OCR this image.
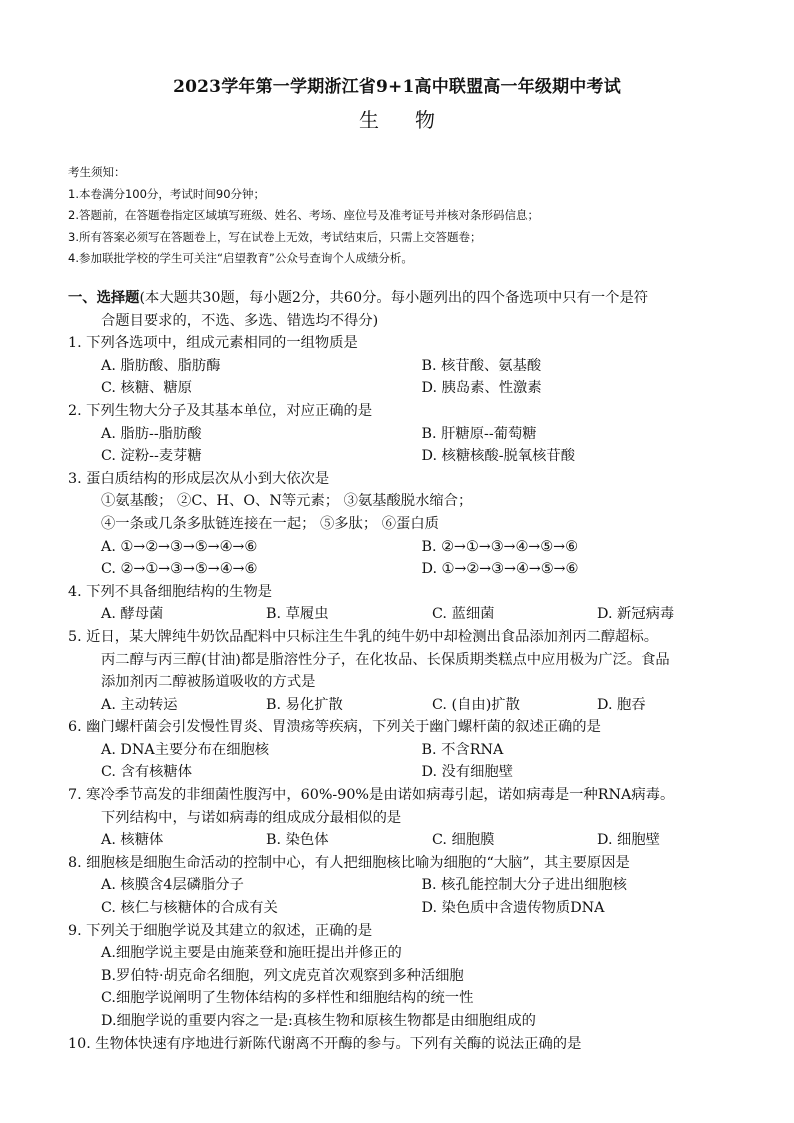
2023学年第一学期浙江省9+1高中联盟高一年级期中考试
生物
考生须知：
1.本卷满分100分，考试时间90分钟；
2.答题前，在答题卷指定区域填写班级、姓名、考场、座位号及准考证号并核对条形码信息；
3.所有答案必须写在答题卷上，写在试卷上无效，考试结束后，只需上交答题卷；
4.参加联批学校的学生可关注“启望教育”公众号查询个人成绩分析。
一、选择题(本大题共30题，每小题2分，共60分。每小题列出的四个备选项中只有一个是符
合题目要求的，不选、多选、错选均不得分)
1. 下列各选项中，组成元素相同的一组物质是
A. 脂肪酸、脂肪酶	B. 核苷酸、氨基酸
C. 核糖、糖原	D. 胰岛素、性激素
2. 下列生物大分子及其基本单位，对应正确的是
A. 脂肪--脂肪酸	B. 肝糖原--葡萄糖
C. 淀粉--麦芽糖	D. 核糖核酸-脱氧核苷酸
3. 蛋白质结构的形成层次从小到大依次是
①氨基酸； ②C、H、O、N等元素； ③氨基酸脱水缩合；
④一条或几条多肽链连接在一起； ⑤多肽； ⑥蛋白质
A. ①→②→③→⑤→④→⑥	B. ②→①→③→④→⑤→⑥
C. ②→①→③→⑤→④→⑥	D. ①→②→③→④→⑤→⑥
4. 下列不具备细胞结构的生物是
A. 酵母菌	B. 草履虫	C. 蓝细菌	D. 新冠病毒
5. 近日，某大牌纯牛奶饮品配料中只标注生牛乳的纯牛奶中却检测出食品添加剂丙二醇超标。
丙二醇与丙三醇(甘油)都是脂溶性分子，在化妆品、长保质期类糕点中应用极为广泛。食品
添加剂丙二醇被肠道吸收的方式是
A. 主动转运	B. 易化扩散	C. (自由)扩散	D. 胞吞
6. 幽门螺杆菌会引发慢性胃炎、胃溃疡等疾病，下列关于幽门螺杆菌的叙述正确的是
A. DNA主要分布在细胞核	B. 不含RNA
C. 含有核糖体	D. 没有细胞壁
7. 寒冷季节高发的非细菌性腹泻中，60%-90%是由诺如病毒引起，诺如病毒是一种RNA病毒。
下列结构中，与诺如病毒的组成成分最相似的是
A. 核糖体	B. 染色体	C. 细胞膜	D. 细胞壁
8. 细胞核是细胞生命活动的控制中心，有人把细胞核比喻为细胞的“大脑”，其主要原因是
A. 核膜含4层磷脂分子	B. 核孔能控制大分子进出细胞核
C. 核仁与核糖体的合成有关	D. 染色质中含遗传物质DNA
9. 下列关于细胞学说及其建立的叙述，正确的是
A.细胞学说主要是由施莱登和施旺提出并修正的
B.罗伯特·胡克命名细胞，列文虎克首次观察到多种活细胞
C.细胞学说阐明了生物体结构的多样性和细胞结构的统一性
D.细胞学说的重要内容之一是:真核生物和原核生物都是由细胞组成的
10. 生物体快速有序地进行新陈代谢离不开酶的参与。下列有关酶的说法正确的是
